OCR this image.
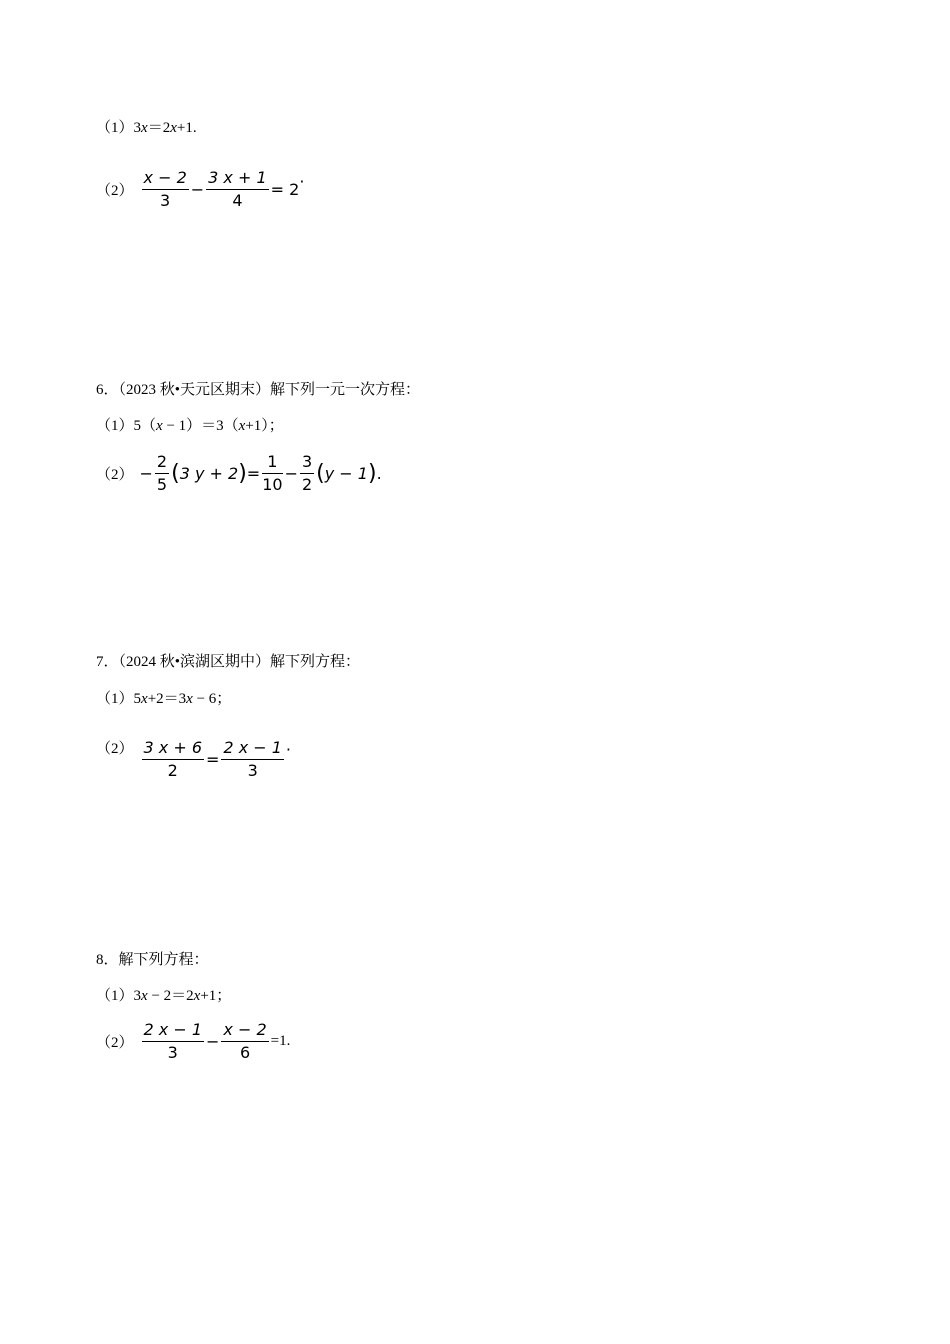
（1）3x＝2x+1.
$(2) \frac{x - 2}{3} - \frac{3 x + 1}{4} = 2$ ·
6．（2023 秋•天元区期末）解下列一元一次方程：
（1）5（x − 1）＝3（x+1）；
$(2) - \frac{2}{5}$ ( 3 y + 2 ) = $\frac{1}{10} - \frac{3}{2}$ ( y − 1 ) .
7．（2024 秋•滨湖区期中）解下列方程：
（1）5x+2＝3x − 6；
$(2) \frac{3 x + 6}{2} = \frac{2 x - 1}{3}$ ·
8．解下列方程：
（1）3x − 2＝2x+1；
$(2) \frac{2 x - 1}{3} - \frac{x - 2}{6} =1$.
